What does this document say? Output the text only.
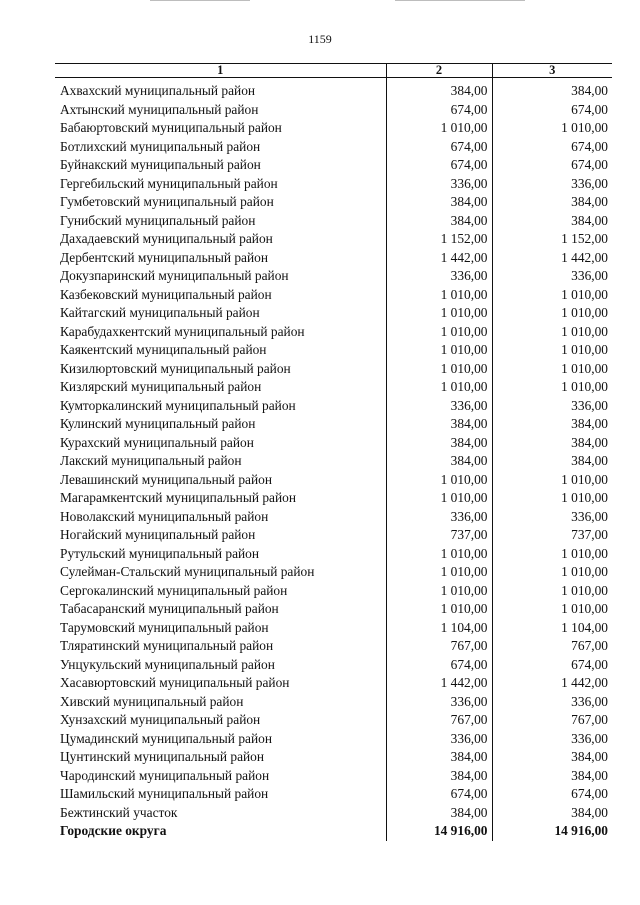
1159
1	2	3
Ахвахский муниципальный район	384,00	384,00
Ахтынский муниципальный район	674,00	674,00
Бабаюртовский муниципальный район	1 010,00	1 010,00
Ботлихский муниципальный район	674,00	674,00
Буйнакский муниципальный район	674,00	674,00
Гергебильский муниципальный район	336,00	336,00
Гумбетовский муниципальный район	384,00	384,00
Гунибский муниципальный район	384,00	384,00
Дахадаевский муниципальный район	1 152,00	1 152,00
Дербентский муниципальный район	1 442,00	1 442,00
Докузпаринский муниципальный район	336,00	336,00
Казбековский муниципальный район	1 010,00	1 010,00
Кайтагский муниципальный район	1 010,00	1 010,00
Карабудахкентский муниципальный район	1 010,00	1 010,00
Каякентский муниципальный район	1 010,00	1 010,00
Кизилюртовский муниципальный район	1 010,00	1 010,00
Кизлярский муниципальный район	1 010,00	1 010,00
Кумторкалинский муниципальный район	336,00	336,00
Кулинский муниципальный район	384,00	384,00
Курахский муниципальный район	384,00	384,00
Лакский муниципальный район	384,00	384,00
Левашинский муниципальный район	1 010,00	1 010,00
Магарамкентский муниципальный район	1 010,00	1 010,00
Новолакский муниципальный район	336,00	336,00
Ногайский муниципальный район	737,00	737,00
Рутульский муниципальный район	1 010,00	1 010,00
Сулейман-Стальский муниципальный район	1 010,00	1 010,00
Сергокалинский муниципальный район	1 010,00	1 010,00
Табасаранский муниципальный район	1 010,00	1 010,00
Тарумовский муниципальный район	1 104,00	1 104,00
Тляратинский муниципальный район	767,00	767,00
Унцукульский муниципальный район	674,00	674,00
Хасавюртовский муниципальный район	1 442,00	1 442,00
Хивский муниципальный район	336,00	336,00
Хунзахский муниципальный район	767,00	767,00
Цумадинский муниципальный район	336,00	336,00
Цунтинский муниципальный район	384,00	384,00
Чародинский муниципальный район	384,00	384,00
Шамильский муниципальный район	674,00	674,00
Бежтинский участок	384,00	384,00
Городские округа	14 916,00	14 916,00
